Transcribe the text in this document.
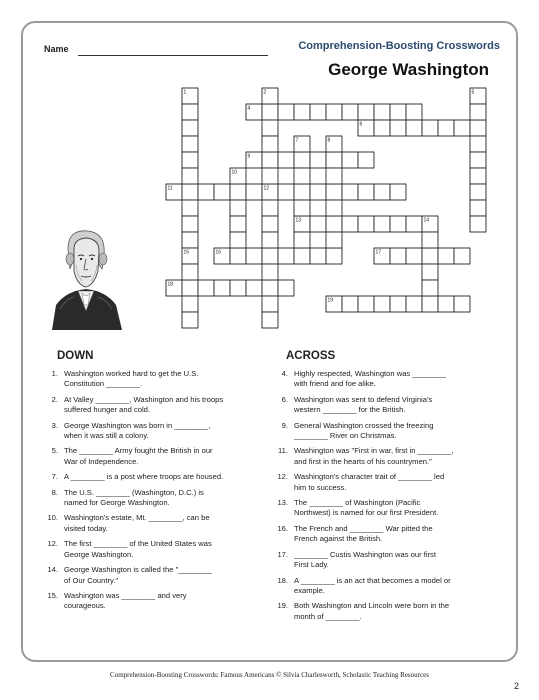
Name	Comprehension-Boosting Crosswords
George Washington
1	2
4
5
6
7	8
9
10
11	12
13	14
15	16	17
18
19
DOWN
1. Washington worked hard to get the U.S.
Constitution ________.
2. At Valley ________, Washington and his troops
suffered hunger and cold.
3. George Washington was born in ________,
when it was still a colony.
5. The ________ Army fought the British in our
War of Independence.
7. A ________ is a post where troops are housed.
8. The U.S. ________ (Washington, D.C.) is
named for George Washington.
10. Washington's estate, Mt. ________, can be
visited today.
12. The first ________ of the United States was
George Washington.
14. George Washington is called the "________
of Our Country."
15. Washington was ________ and very
courageous.
ACROSS
4. Highly respected, Washington was ________
with friend and foe alike.
6. Washington was sent to defend Virginia's
western ________ for the British.
9. General Washington crossed the freezing
________ River on Christmas.
11. Washington was "First in war, first in ________,
and first in the hearts of his countrymen."
12. Washington's character trait of ________ led
him to success.
13. The ________ of Washington (Pacific
Northwest) is named for our first President.
16. The French and ________ War pitted the
French against the British.
17. ________ Custis Washington was our first
First Lady.
18. A ________ is an act that becomes a model or
example.
19. Both Washington and Lincoln were born in the
month of ________.
Comprehension-Boosting Crosswords: Famous Americans © Silvia Charlesworth, Scholastic Teaching Resources
2
